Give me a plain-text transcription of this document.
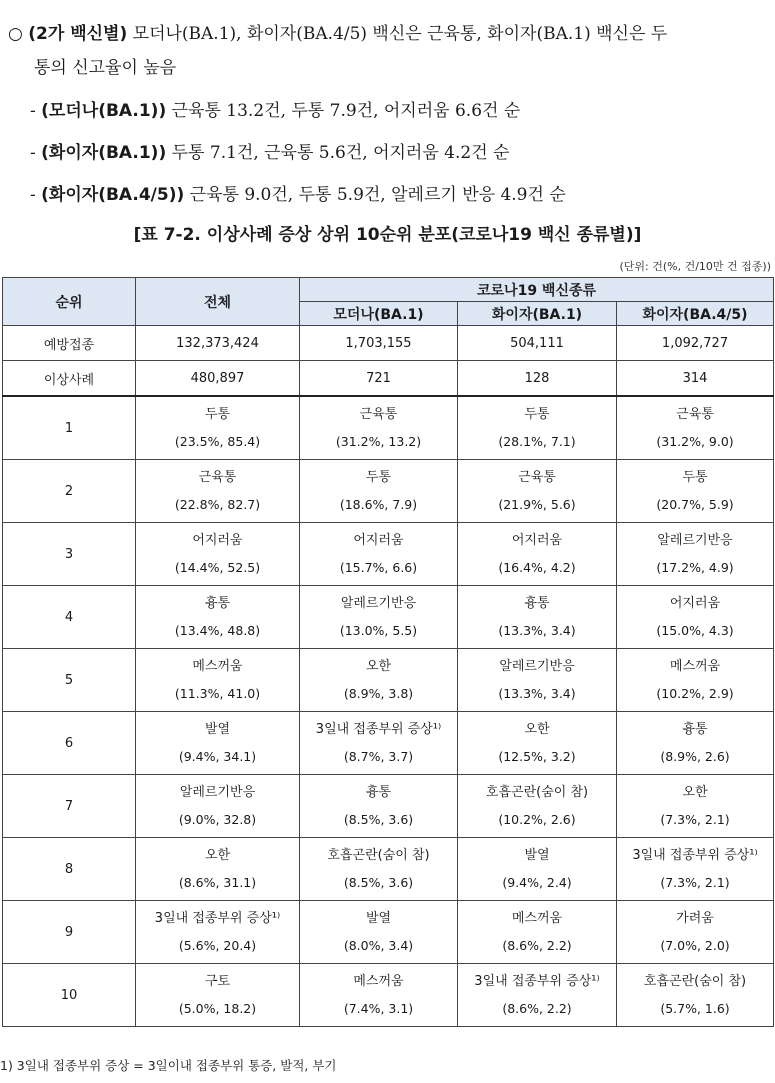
○ (2가 백신별) 모더나(BA.1), 화이자(BA.4/5) 백신은 근육통, 화이자(BA.1) 백신은 두
통의 신고율이 높음
- (모더나(BA.1)) 근육통 13.2건, 두통 7.9건, 어지러움 6.6건 순
- (화이자(BA.1)) 두통 7.1건, 근육통 5.6건, 어지러움 4.2건 순
- (화이자(BA.4/5)) 근육통 9.0건, 두통 5.9건, 알레르기 반응 4.9건 순
[표 7-2. 이상사례 증상 상위 10순위 분포(코로나19 백신 종류별)]
(단위: 건(%, 건/10만 건 접종))
순위	전체	코로나19 백신종류		
		모더나(BA.1)	화이자(BA.1)	화이자(BA.4/5)
예방접종	132,373,424	1,703,155	504,111	1,092,727
이상사례	480,897	721	128	314
1	두통
(23.5%, 85.4)	근육통
(31.2%, 13.2)	두통
(28.1%, 7.1)	근육통
(31.2%, 9.0)

2	근육통
(22.8%, 82.7)	두통
(18.6%, 7.9)	근육통
(21.9%, 5.6)	두통
(20.7%, 5.9)

3	어지러움
(14.4%, 52.5)	어지러움
(15.7%, 6.6)	어지러움
(16.4%, 4.2)	알레르기반응
(17.2%, 4.9)

4	흉통
(13.4%, 48.8)	알레르기반응
(13.0%, 5.5)	흉통
(13.3%, 3.4)	어지러움
(15.0%, 4.3)

5	메스꺼움
(11.3%, 41.0)	오한
(8.9%, 3.8)	알레르기반응
(13.3%, 3.4)	메스꺼움
(10.2%, 2.9)

6	발열
(9.4%, 34.1)	3일내 접종부위 증상¹⁾
(8.7%, 3.7)	오한
(12.5%, 3.2)	흉통
(8.9%, 2.6)

7	알레르기반응
(9.0%, 32.8)	흉통
(8.5%, 3.6)	호흡곤란(숨이 참)
(10.2%, 2.6)	오한
(7.3%, 2.1)

8	오한
(8.6%, 31.1)	호흡곤란(숨이 참)
(8.5%, 3.6)	발열
(9.4%, 2.4)	3일내 접종부위 증상¹⁾
(7.3%, 2.1)

9	3일내 접종부위 증상¹⁾
(5.6%, 20.4)	발열
(8.0%, 3.4)	메스꺼움
(8.6%, 2.2)	가려움
(7.0%, 2.0)

10	구토
(5.0%, 18.2)	메스꺼움
(7.4%, 3.1)	3일내 접종부위 증상¹⁾
(8.6%, 2.2)	호흡곤란(숨이 참)
(5.7%, 1.6)
1) 3일내 접종부위 증상 = 3일이내 접종부위 통증, 발적, 부기
